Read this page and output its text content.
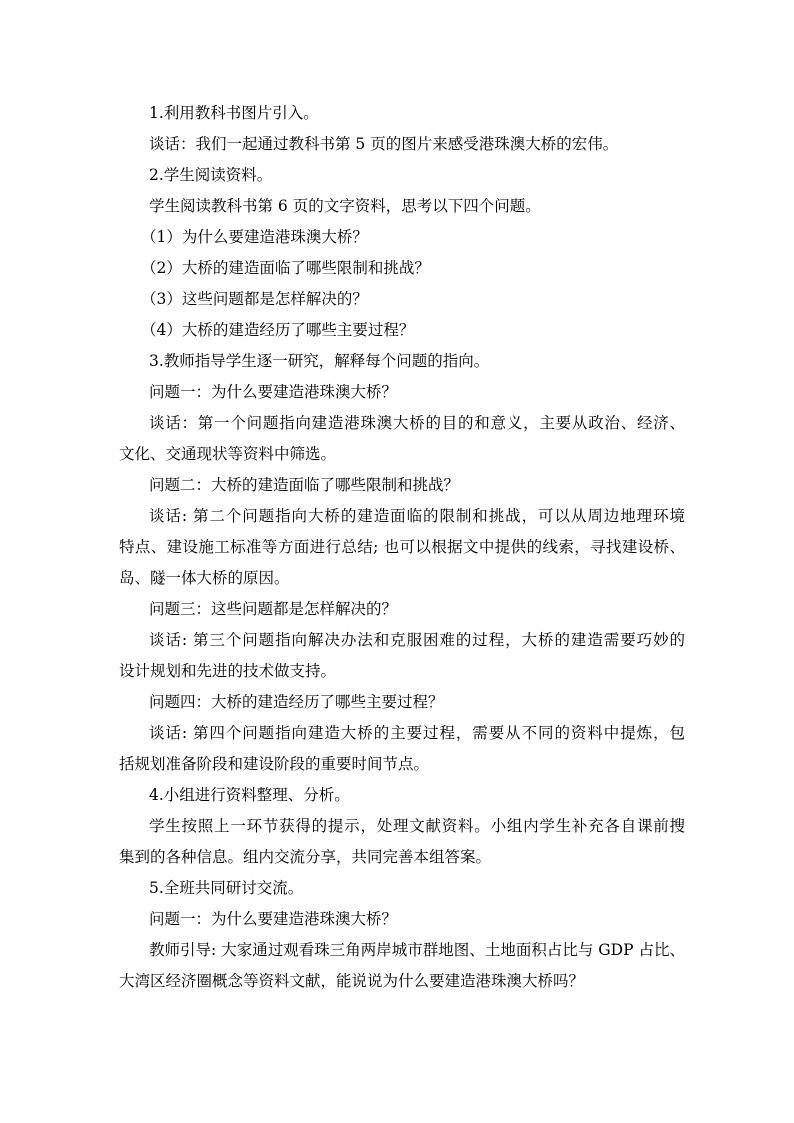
1.利用教科书图片引入。
谈话：我们一起通过教科书第 5 页的图片来感受港珠澳大桥的宏伟。
2.学生阅读资料。
学生阅读教科书第 6 页的文字资料，思考以下四个问题。
（1）为什么要建造港珠澳大桥？
（2）大桥的建造面临了哪些限制和挑战？
（3）这些问题都是怎样解决的？
（4）大桥的建造经历了哪些主要过程？
3.教师指导学生逐一研究，解释每个问题的指向。
问题一：为什么要建造港珠澳大桥？
谈话：第一个问题指向建造港珠澳大桥的目的和意义，主要从政治、经济、
文化、交通现状等资料中筛选。
问题二：大桥的建造面临了哪些限制和挑战？
谈话: 第二个问题指向大桥的建造面临的限制和挑战，可以从周边地理环境
特点、建设施工标准等方面进行总结; 也可以根据文中提供的线索，寻找建设桥、
岛、隧一体大桥的原因。
问题三：这些问题都是怎样解决的？
谈话: 第三个问题指向解决办法和克服困难的过程，大桥的建造需要巧妙的
设计规划和先进的技术做支持。
问题四：大桥的建造经历了哪些主要过程？
谈话: 第四个问题指向建造大桥的主要过程，需要从不同的资料中提炼，包
括规划准备阶段和建设阶段的重要时间节点。
4.小组进行资料整理、分析。
学生按照上一环节获得的提示，处理文献资料。小组内学生补充各自课前搜
集到的各种信息。组内交流分享，共同完善本组答案。
5.全班共同研讨交流。
问题一：为什么要建造港珠澳大桥？
教师引导: 大家通过观看珠三角两岸城市群地图、土地面积占比与 GDP 占比、
大湾区经济圈概念等资料文献，能说说为什么要建造港珠澳大桥吗？
